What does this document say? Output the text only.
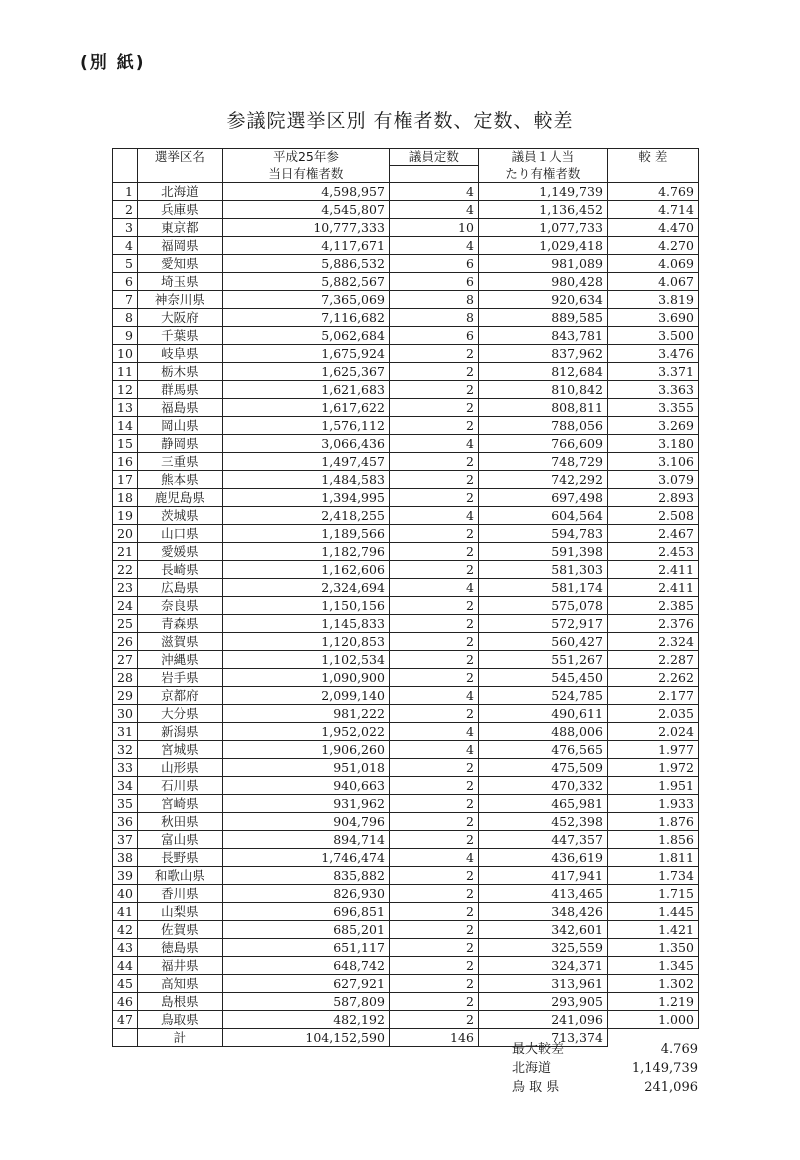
(別 紙)
参議院選挙区別 有権者数、定数、較差
	選挙区名	平成25年参	議員定数	議員１人当	較 差
		当日有権者数		たり有権者数	
1	北海道	4,598,957	4	1,149,739	4.769
2	兵庫県	4,545,807	4	1,136,452	4.714
3	東京都	10,777,333	10	1,077,733	4.470
4	福岡県	4,117,671	4	1,029,418	4.270
5	愛知県	5,886,532	6	981,089	4.069
6	埼玉県	5,882,567	6	980,428	4.067
7	神奈川県	7,365,069	8	920,634	3.819
8	大阪府	7,116,682	8	889,585	3.690
9	千葉県	5,062,684	6	843,781	3.500
10	岐阜県	1,675,924	2	837,962	3.476
11	栃木県	1,625,367	2	812,684	3.371
12	群馬県	1,621,683	2	810,842	3.363
13	福島県	1,617,622	2	808,811	3.355
14	岡山県	1,576,112	2	788,056	3.269
15	静岡県	3,066,436	4	766,609	3.180
16	三重県	1,497,457	2	748,729	3.106
17	熊本県	1,484,583	2	742,292	3.079
18	鹿児島県	1,394,995	2	697,498	2.893
19	茨城県	2,418,255	4	604,564	2.508
20	山口県	1,189,566	2	594,783	2.467
21	愛媛県	1,182,796	2	591,398	2.453
22	長崎県	1,162,606	2	581,303	2.411
23	広島県	2,324,694	4	581,174	2.411
24	奈良県	1,150,156	2	575,078	2.385
25	青森県	1,145,833	2	572,917	2.376
26	滋賀県	1,120,853	2	560,427	2.324
27	沖縄県	1,102,534	2	551,267	2.287
28	岩手県	1,090,900	2	545,450	2.262
29	京都府	2,099,140	4	524,785	2.177
30	大分県	981,222	2	490,611	2.035
31	新潟県	1,952,022	4	488,006	2.024
32	宮城県	1,906,260	4	476,565	1.977
33	山形県	951,018	2	475,509	1.972
34	石川県	940,663	2	470,332	1.951
35	宮崎県	931,962	2	465,981	1.933
36	秋田県	904,796	2	452,398	1.876
37	富山県	894,714	2	447,357	1.856
38	長野県	1,746,474	4	436,619	1.811
39	和歌山県	835,882	2	417,941	1.734
40	香川県	826,930	2	413,465	1.715
41	山梨県	696,851	2	348,426	1.445
42	佐賀県	685,201	2	342,601	1.421
43	徳島県	651,117	2	325,559	1.350
44	福井県	648,742	2	324,371	1.345
45	高知県	627,921	2	313,961	1.302
46	島根県	587,809	2	293,905	1.219
47	鳥取県	482,192	2	241,096	1.000
	計	104,152,590	146	713,374	
最大較差	4.769
北海道	1,149,739
鳥 取 県	241,096
